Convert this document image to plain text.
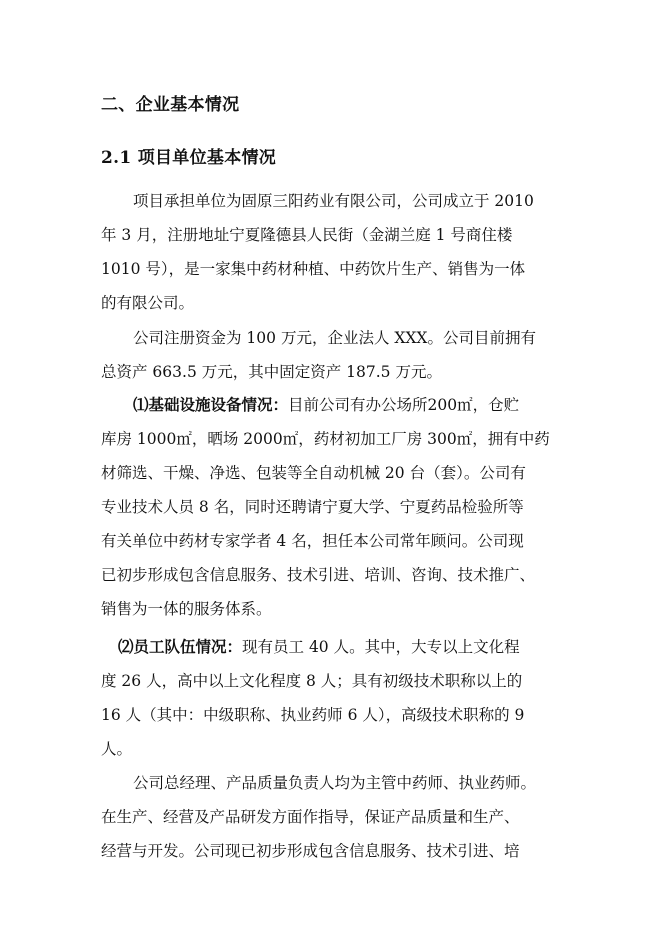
二、企业基本情况
2.1 项目单位基本情况
项目承担单位为固原三阳药业有限公司，公司成立于 2010
年 3 月，注册地址宁夏隆德县人民街（金湖兰庭 1 号商住楼
1010 号），是一家集中药材种植、中药饮片生产、销售为一体
的有限公司。
公司注册资金为 100 万元，企业法人 XXX。公司目前拥有
总资产 663.5 万元，其中固定资产 187.5 万元。
⑴基础设施设备情况：目前公司有办公场所200㎡，仓贮
库房 1000㎡，晒场 2000㎡，药材初加工厂房 300㎡，拥有中药
材筛选、干燥、净选、包装等全自动机械 20 台（套）。公司有
专业技术人员 8 名，同时还聘请宁夏大学、宁夏药品检验所等
有关单位中药材专家学者 4 名，担任本公司常年顾问。公司现
已初步形成包含信息服务、技术引进、培训、咨询、技术推广、
销售为一体的服务体系。
⑵员工队伍情况：现有员工 40 人。其中，大专以上文化程
度 26 人，高中以上文化程度 8 人；具有初级技术职称以上的
16 人（其中：中级职称、执业药师 6 人），高级技术职称的 9
人。
公司总经理、产品质量负责人均为主管中药师、执业药师。
在生产、经营及产品研发方面作指导，保证产品质量和生产、
经营与开发。公司现已初步形成包含信息服务、技术引进、培
